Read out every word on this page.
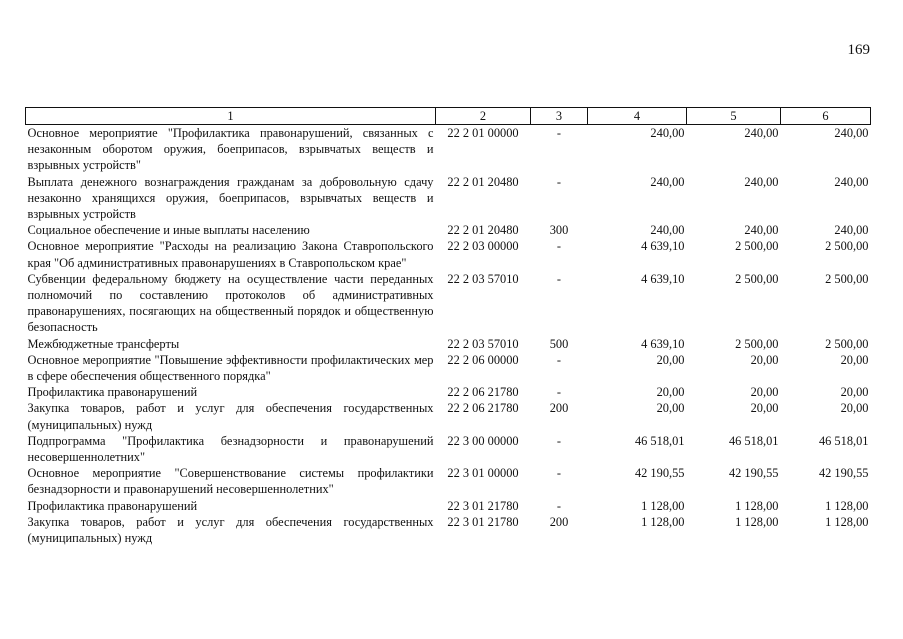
169
1	2	3	4	5	6
Основное мероприятие "Профилактика правонарушений, связанных с незаконным оборотом оружия, боеприпасов, взрывчатых веществ и взрывных устройств"	22 2 01 00000	-	240,00	240,00	240,00
Выплата денежного вознаграждения гражданам за добровольную сдачу незаконно хранящихся оружия, боеприпасов, взрывчатых веществ и взрывных устройств	22 2 01 20480	-	240,00	240,00	240,00
Социальное обеспечение и иные выплаты населению	22 2 01 20480	300	240,00	240,00	240,00
Основное мероприятие "Расходы на реализацию Закона Ставропольского края "Об административных правонарушениях в Ставропольском крае"	22 2 03 00000	-	4 639,10	2 500,00	2 500,00
Субвенции федеральному бюджету на осуществление части переданных полномочий по составлению протоколов об административных правонарушениях, посягающих на общественный порядок и общественную безопасность	22 2 03 57010	-	4 639,10	2 500,00	2 500,00
Межбюджетные трансферты	22 2 03 57010	500	4 639,10	2 500,00	2 500,00
Основное мероприятие "Повышение эффективности профилактических мер в сфере обеспечения общественного порядка"	22 2 06 00000	-	20,00	20,00	20,00
Профилактика правонарушений	22 2 06 21780	-	20,00	20,00	20,00
Закупка товаров, работ и услуг для обеспечения государственных (муниципальных) нужд	22 2 06 21780	200	20,00	20,00	20,00
Подпрограмма "Профилактика безнадзорности и правонарушений несовершеннолетних"	22 3 00 00000	-	46 518,01	46 518,01	46 518,01
Основное мероприятие "Совершенствование системы профилактики безнадзорности и правонарушений несовершеннолетних"	22 3 01 00000	-	42 190,55	42 190,55	42 190,55
Профилактика правонарушений	22 3 01 21780	-	1 128,00	1 128,00	1 128,00
Закупка товаров, работ и услуг для обеспечения государственных (муниципальных) нужд	22 3 01 21780	200	1 128,00	1 128,00	1 128,00
